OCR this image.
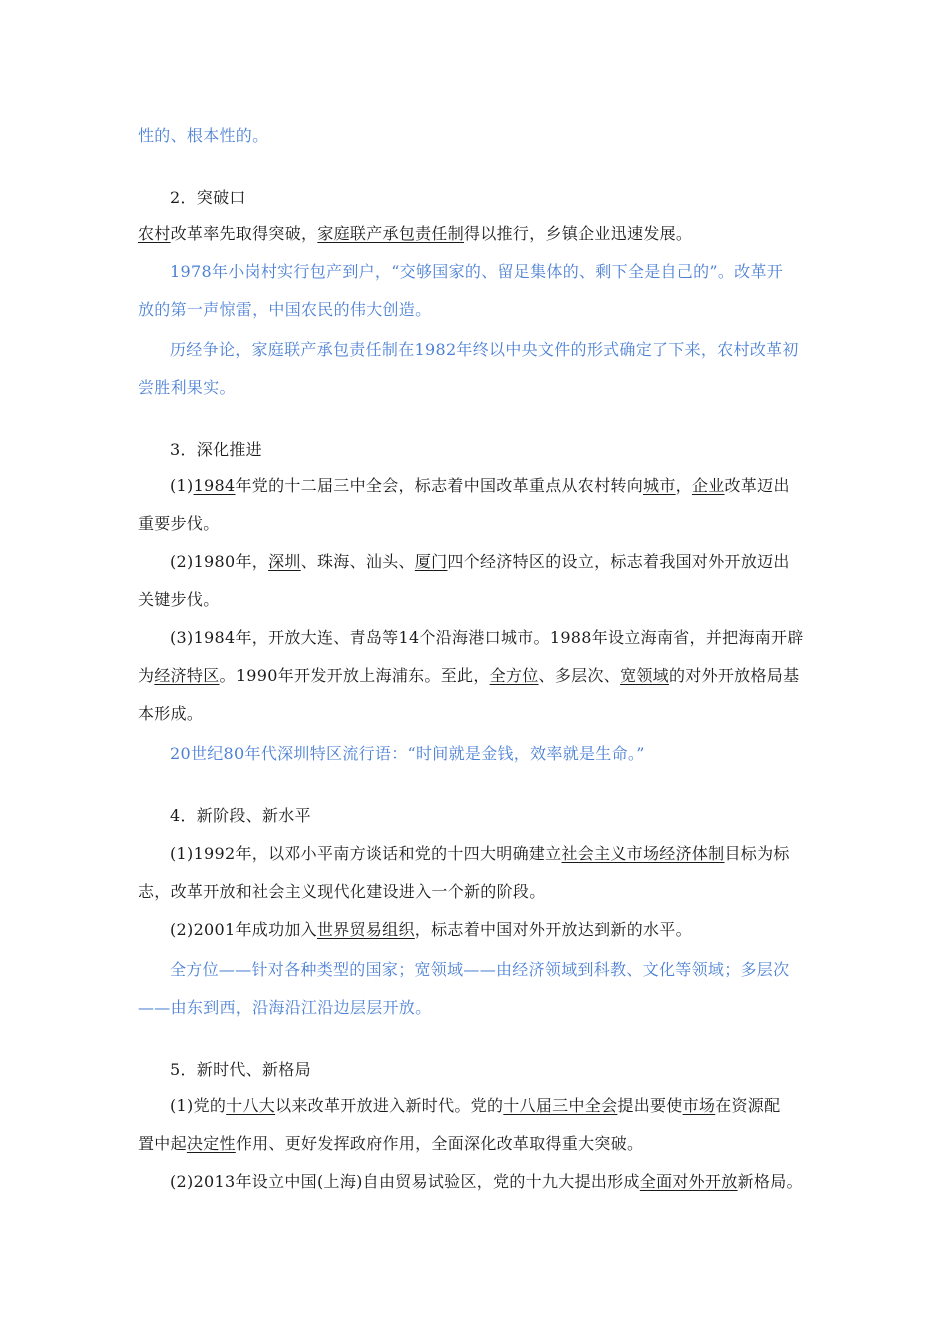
性的、根本性的。
2．突破口
农村改革率先取得突破，家庭联产承包责任制得以推行，乡镇企业迅速发展。
1978年小岗村实行包产到户，“交够国家的、留足集体的、剩下全是自己的”。改革开
放的第一声惊雷，中国农民的伟大创造。
历经争论，家庭联产承包责任制在1982年终以中央文件的形式确定了下来，农村改革初
尝胜利果实。
3．深化推进
(1)1984年党的十二届三中全会，标志着中国改革重点从农村转向城市，企业改革迈出
重要步伐。
(2)1980年，深圳、珠海、汕头、厦门四个经济特区的设立，标志着我国对外开放迈出
关键步伐。
(3)1984年，开放大连、青岛等14个沿海港口城市。1988年设立海南省，并把海南开辟
为经济特区。1990年开发开放上海浦东。至此，全方位、多层次、宽领域的对外开放格局基
本形成。
20世纪80年代深圳特区流行语：“时间就是金钱，效率就是生命。”
4．新阶段、新水平
(1)1992年，以邓小平南方谈话和党的十四大明确建立社会主义市场经济体制目标为标
志，改革开放和社会主义现代化建设进入一个新的阶段。
(2)2001年成功加入世界贸易组织，标志着中国对外开放达到新的水平。
全方位——针对各种类型的国家；宽领域——由经济领域到科教、文化等领域；多层次
——由东到西，沿海沿江沿边层层开放。
5．新时代、新格局
(1)党的十八大以来改革开放进入新时代。党的十八届三中全会提出要使市场在资源配
置中起决定性作用、更好发挥政府作用，全面深化改革取得重大突破。
(2)2013年设立中国(上海)自由贸易试验区，党的十九大提出形成全面对外开放新格局。
